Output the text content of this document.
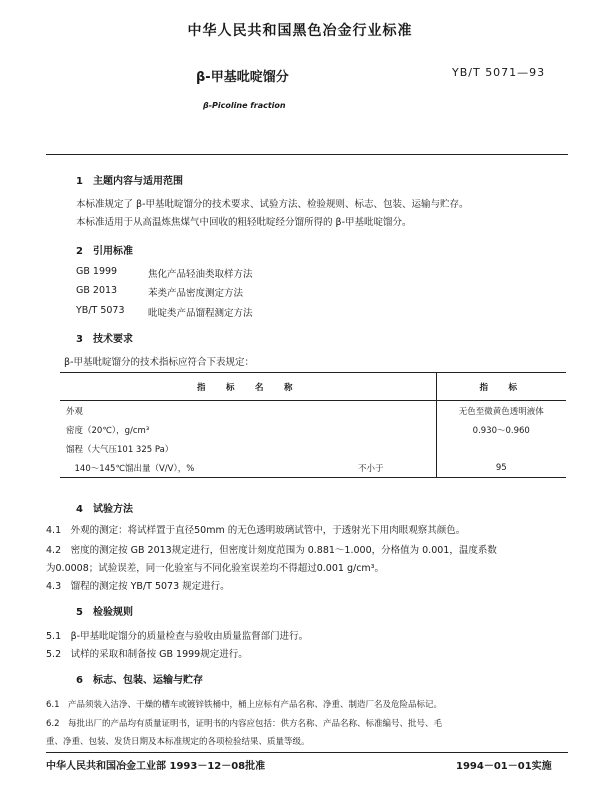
中华人民共和国黑色冶金行业标准
β-甲基吡啶馏分	YB/T 5071—93
β-Picoline fraction
1　主题内容与适用范围
本标准规定了 β-甲基吡啶馏分的技术要求、试验方法、检验规则、标志、包装、运输与贮存。
本标准适用于从高温炼焦煤气中回收的粗轻吡啶经分馏所得的 β-甲基吡啶馏分。
2　引用标准
GB 1999	焦化产品轻油类取样方法
GB 2013	苯类产品密度测定方法
YB/T 5073 吡啶类产品馏程测定方法
3　技术要求
β-甲基吡啶馏分的技术指标应符合下表规定：
指　标　名　称		指　标
外观		无色至微黄色透明液体
密度（20℃），g/cm³		0.930～0.960
馏程（大气压101 325 Pa）		
　140～145℃馏出量（V/V），%	不小于	95
4　试验方法
4.1　外观的测定：将试样置于直径50mm 的无色透明玻璃试管中，于透射光下用肉眼观察其颜色。
4.2　密度的测定按 GB 2013规定进行，但密度计刻度范围为 0.881～1.000，分格值为 0.001，温度系数
为0.0008；试验误差，同一化验室与不同化验室误差均不得超过0.001 g/cm³。
4.3　馏程的测定按 YB/T 5073 规定进行。
5　检验规则
5.1　β-甲基吡啶馏分的质量检查与验收由质量监督部门进行。
5.2　试样的采取和制备按 GB 1999规定进行。
6　标志、包装、运输与贮存
6.1　产品须装入洁净、干燥的槽车或镀锌铁桶中，桶上应标有产品名称、净重、制造厂名及危险品标记。
6.2　每批出厂的产品均有质量证明书，证明书的内容应包括：供方名称、产品名称、标准编号、批号、毛
重、净重、包装、发货日期及本标准规定的各项检验结果、质量等级。
中华人民共和国冶金工业部 1993－12－08批准	1994－01－01实施
